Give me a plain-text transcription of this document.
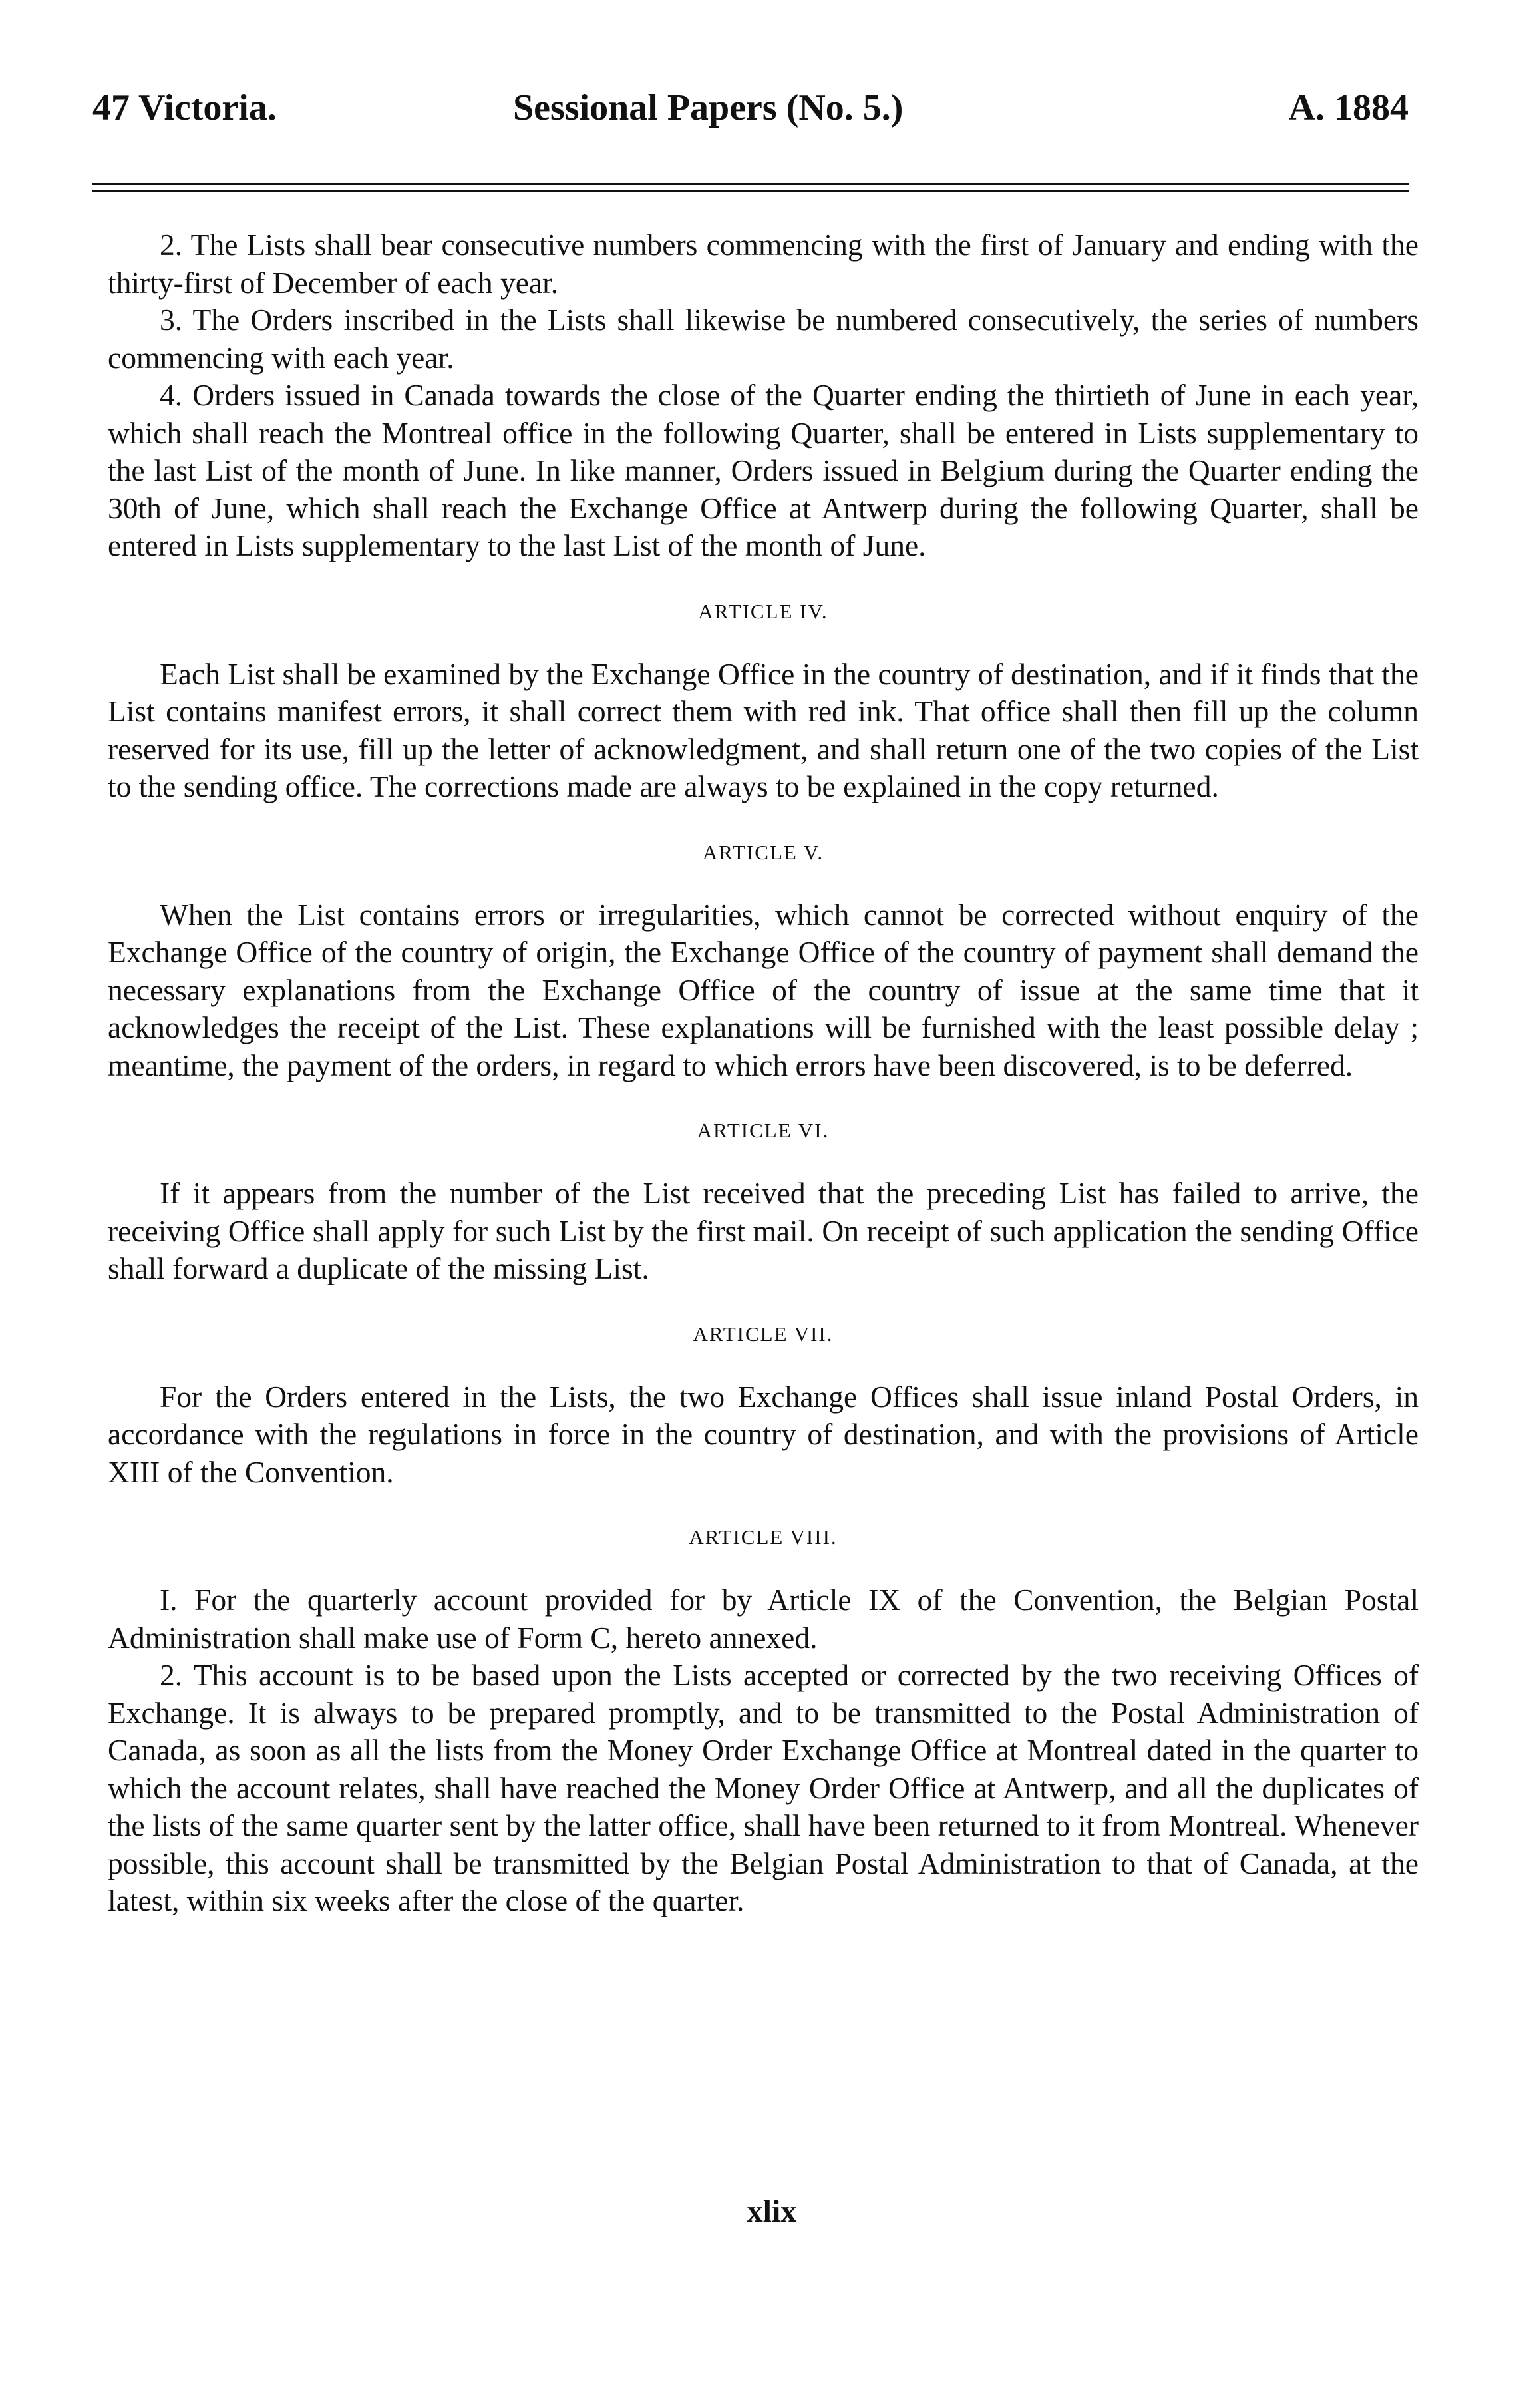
47 Victoria.	Sessional Papers (No. 5.)	A. 1884

2. The Lists shall bear consecutive numbers commencing with the first of January and ending with the thirty-first of December of each year.

3. The Orders inscribed in the Lists shall likewise be numbered consecutively, the series of numbers commencing with each year.

4. Orders issued in Canada towards the close of the Quarter ending the thirtieth of June in each year, which shall reach the Montreal office in the following Quarter, shall be entered in Lists supplementary to the last List of the month of June. In like manner, Orders issued in Belgium during the Quarter ending the 30th of June, which shall reach the Exchange Office at Antwerp during the following Quarter, shall be entered in Lists supplementary to the last List of the month of June.

ARTICLE IV.

Each List shall be examined by the Exchange Office in the country of destination, and if it finds that the List contains manifest errors, it shall correct them with red ink. That office shall then fill up the column reserved for its use, fill up the letter of acknowledgment, and shall return one of the two copies of the List to the sending office. The corrections made are always to be explained in the copy returned.

ARTICLE V.

When the List contains errors or irregularities, which cannot be corrected without enquiry of the Exchange Office of the country of origin, the Exchange Office of the country of payment shall demand the necessary explanations from the Exchange Office of the country of issue at the same time that it acknowledges the receipt of the List. These explanations will be furnished with the least possible delay ; meantime, the payment of the orders, in regard to which errors have been discovered, is to be deferred.

ARTICLE VI.

If it appears from the number of the List received that the preceding List has failed to arrive, the receiving Office shall apply for such List by the first mail. On receipt of such application the sending Office shall forward a duplicate of the missing List.

ARTICLE VII.

For the Orders entered in the Lists, the two Exchange Offices shall issue inland Postal Orders, in accordance with the regulations in force in the country of destination, and with the provisions of Article XIII of the Convention.

ARTICLE VIII.

I. For the quarterly account provided for by Article IX of the Convention, the Belgian Postal Administration shall make use of Form C, hereto annexed.

2. This account is to be based upon the Lists accepted or corrected by the two receiving Offices of Exchange. It is always to be prepared promptly, and to be transmitted to the Postal Administration of Canada, as soon as all the lists from the Money Order Exchange Office at Montreal dated in the quarter to which the account relates, shall have reached the Money Order Office at Antwerp, and all the duplicates of the lists of the same quarter sent by the latter office, shall have been returned to it from Montreal. Whenever possible, this account shall be transmitted by the Belgian Postal Administration to that of Canada, at the latest, within six weeks after the close of the quarter.

xlix
